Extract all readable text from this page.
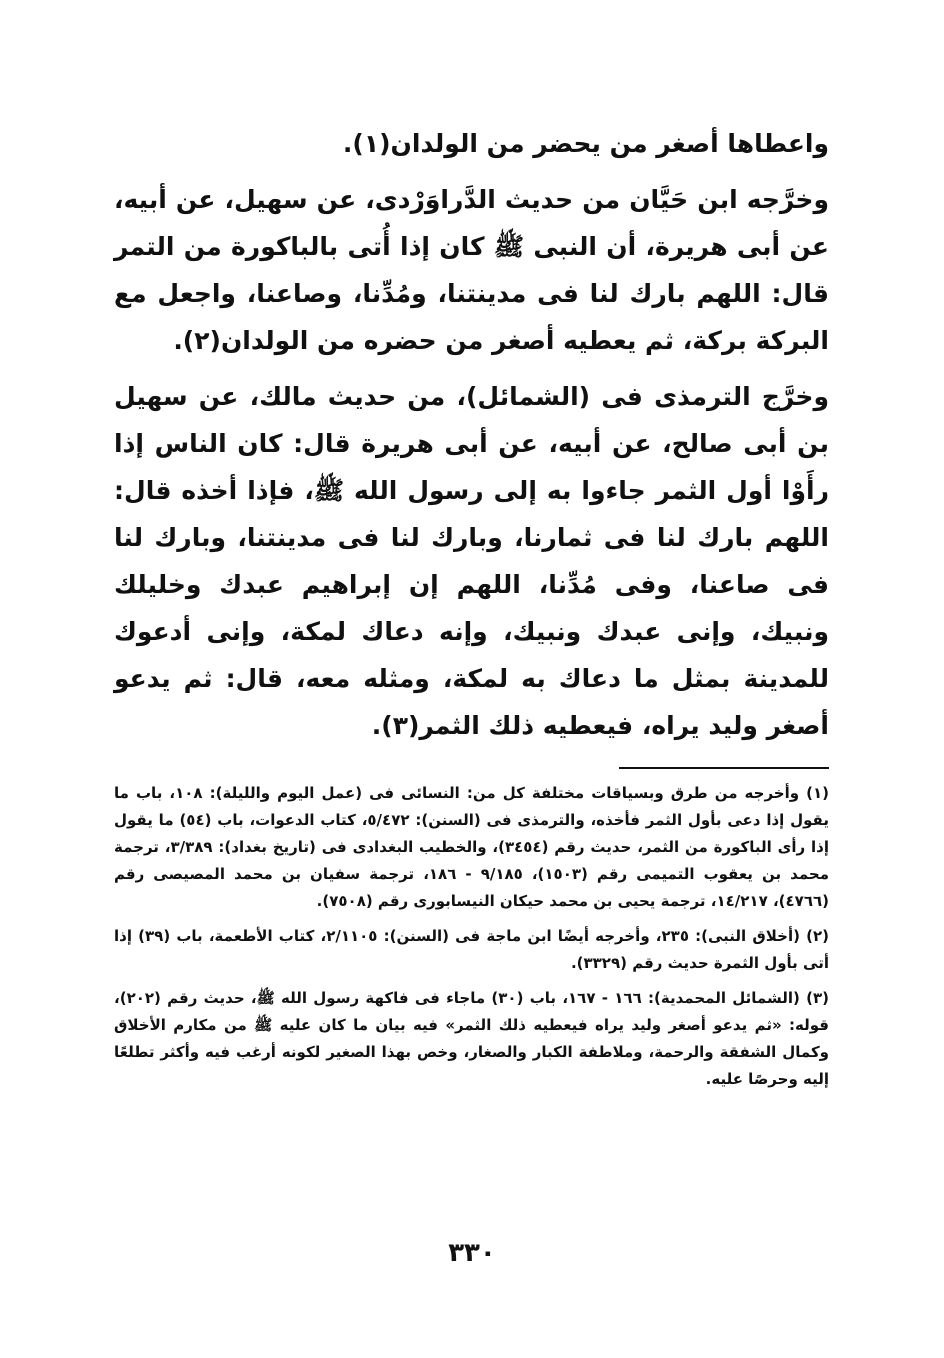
واعطاها أصغر من يحضر من الولدان(١).

وخرَّجه ابن حَيَّان من حديث الدَّراوَرْدى، عن سهيل، عن أبيه، عن أبى هريرة، أن النبى ﷺ كان إذا أُتى بالباكورة من التمر قال: اللهم بارك لنا فى مدينتنا، ومُدِّنا، وصاعنا، واجعل مع البركة بركة، ثم يعطيه أصغر من حضره من الولدان(٢).

وخرَّج الترمذى فى (الشمائل)، من حديث مالك، عن سهيل بن أبى صالح، عن أبيه، عن أبى هريرة قال: كان الناس إذا رأَوْا أول الثمر جاءوا به إلى رسول الله ﷺ، فإذا أخذه قال: اللهم بارك لنا فى ثمارنا، وبارك لنا فى مدينتنا، وبارك لنا فى صاعنا، وفى مُدِّنا، اللهم إن إبراهيم عبدك وخليلك ونبيك، وإنى عبدك ونبيك، وإنه دعاك لمكة، وإنى أدعوك للمدينة بمثل ما دعاك به لمكة، ومثله معه، قال: ثم يدعو أصغر وليد يراه، فيعطيه ذلك الثمر(٣).

(١) وأخرجه من طرق وبسياقات مختلفة كل من: النسائى فى (عمل اليوم والليلة): ١٠٨، باب ما يقول إذا دعى بأول الثمر فأخذه، والترمذى فى (السنن): ٥/٤٧٢، كتاب الدعوات، باب (٥٤) ما يقول إذا رأى الباكورة من الثمر، حديث رقم (٣٤٥٤)، والخطيب البغدادى فى (تاريخ بغداد): ٣/٣٨٩، ترجمة محمد بن يعقوب التميمى رقم (١٥٠٣)، ٩/١٨٥ - ١٨٦، ترجمة سفيان بن محمد المصيصى رقم (٤٧٦٦)، ١٤/٢١٧، ترجمة يحيى بن محمد حيكان النيسابورى رقم (٧٥٠٨).

(٢) (أخلاق النبى): ٢٣٥، وأخرجه أيضًا ابن ماجة فى (السنن): ٢/١١٠٥، كتاب الأطعمة، باب (٣٩) إذا أتى بأول الثمرة حديث رقم (٣٣٢٩).

(٣) (الشمائل المحمدية): ١٦٦ - ١٦٧، باب (٣٠) ماجاء فى فاكهة رسول الله ﷺ، حديث رقم (٢٠٢)، قوله: «ثم يدعو أصغر وليد يراه فيعطيه ذلك الثمر» فيه بيان ما كان عليه ﷺ من مكارم الأخلاق وكمال الشفقة والرحمة، وملاطفة الكبار والصغار، وخص بهذا الصغير لكونه أرغب فيه وأكثر تطلعًا إليه وحرصًا عليه.

٣٣٠
